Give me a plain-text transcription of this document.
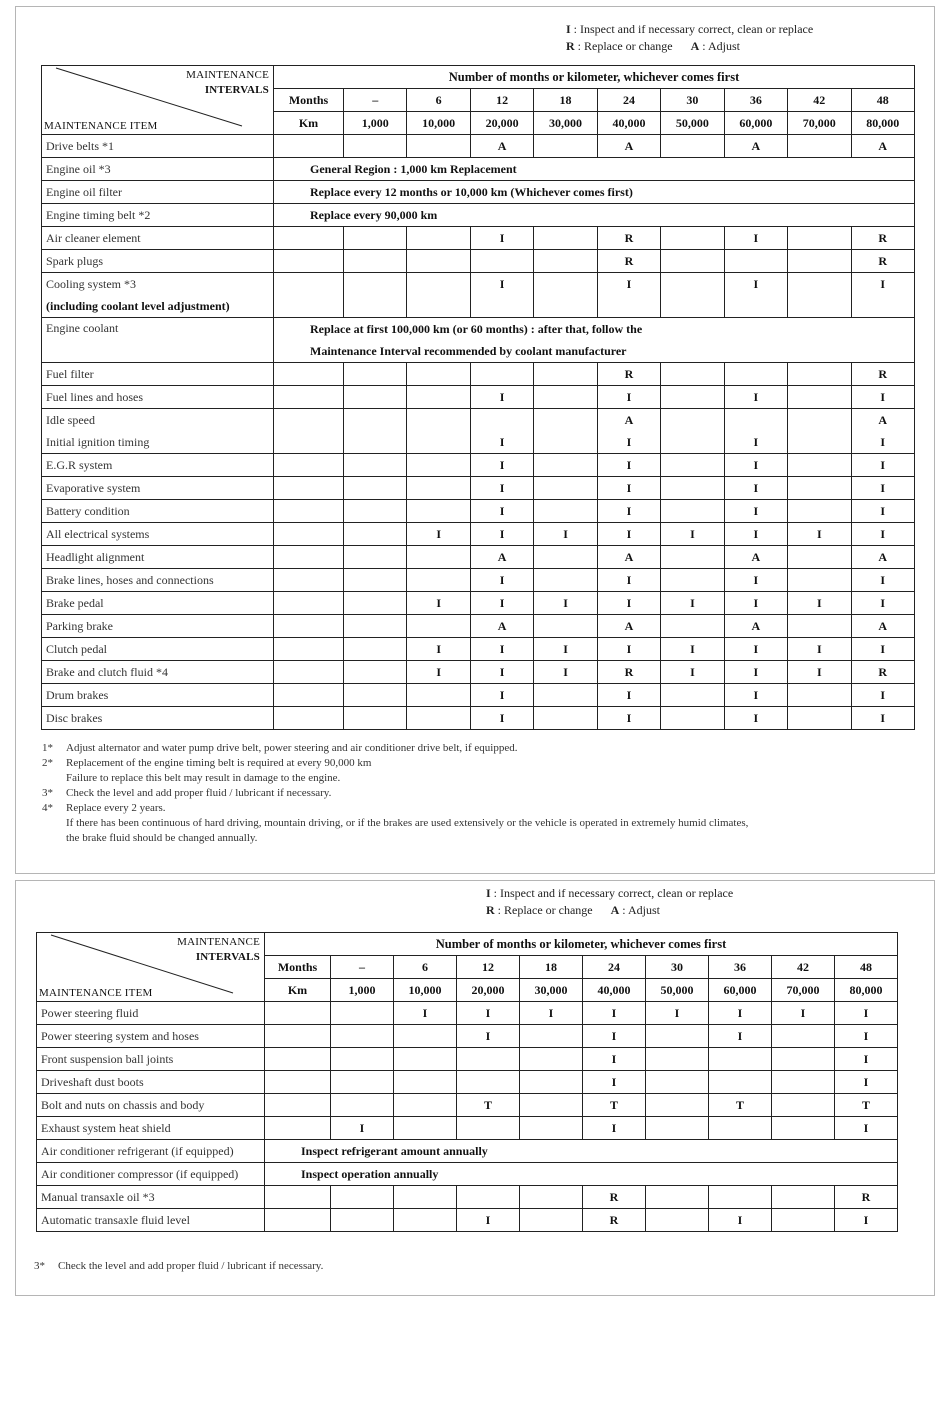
I : Inspect and if necessary correct, clean or replace
R : Replace or change A : Adjust
MAINTENANCE
INTERVALS
MAINTENANCE ITEM	Number of months or kilometer, whichever comes first									
	Months	–	6	12	18	24	30	36	42	48
	Km	1,000	10,000	20,000	30,000	40,000	50,000	60,000	70,000	80,000
Drive belts *1				A		A		A		A
Engine oil *3	General Region : 1,000 km Replacement									
Engine oil filter	Replace every 12 months or 10,000 km (Whichever comes first)									
Engine timing belt *2	Replace every 90,000 km									
Air cleaner element				I		R		I		R
Spark plugs						R				R
Cooling system *3				I		I		I		I
(including coolant level adjustment)										
Engine coolant	Replace at first 100,000 km (or 60 months) : after that, follow the									
	Maintenance Interval recommended by coolant manufacturer									
Fuel filter						R				R
Fuel lines and hoses				I		I		I		I
Idle speed						A				A
Initial ignition timing				I		I		I		I
E.G.R system				I		I		I		I
Evaporative system				I		I		I		I
Battery condition				I		I		I		I
All electrical systems			I	I	I	I	I	I	I	I
Headlight alignment				A		A		A		A
Brake lines, hoses and connections				I		I		I		I
Brake pedal			I	I	I	I	I	I	I	I
Parking brake				A		A		A		A
Clutch pedal			I	I	I	I	I	I	I	I
Brake and clutch fluid *4			I	I	I	R	I	I	I	R
Drum brakes				I		I		I		I
Disc brakes				I		I		I		I
1*	Adjust alternator and water pump drive belt, power steering and air conditioner drive belt, if equipped.
2*	Replacement of the engine timing belt is required at every 90,000 km
Failure to replace this belt may result in damage to the engine.
3*	Check the level and add proper fluid / lubricant if necessary.
4*	Replace every 2 years.
If there has been continuous of hard driving, mountain driving, or if the brakes are used extensively or the vehicle is operated in extremely humid climates,
the brake fluid should be changed annually.
I : Inspect and if necessary correct, clean or replace
R : Replace or change A : Adjust
MAINTENANCE
INTERVALS
MAINTENANCE ITEM	Number of months or kilometer, whichever comes first									
	Months	–	6	12	18	24	30	36	42	48
	Km	1,000	10,000	20,000	30,000	40,000	50,000	60,000	70,000	80,000
Power steering fluid			I	I	I	I	I	I	I	I
Power steering system and hoses				I		I		I		I
Front suspension ball joints						I				I
Driveshaft dust boots						I				I
Bolt and nuts on chassis and body				T		T		T		T
Exhaust system heat shield		I				I				I
Air conditioner refrigerant (if equipped)	Inspect refrigerant amount annually									
Air conditioner compressor (if equipped)	Inspect operation annually									
Manual transaxle oil *3						R				R
Automatic transaxle fluid level				I		R		I		I
3*	Check the level and add proper fluid / lubricant if necessary.
